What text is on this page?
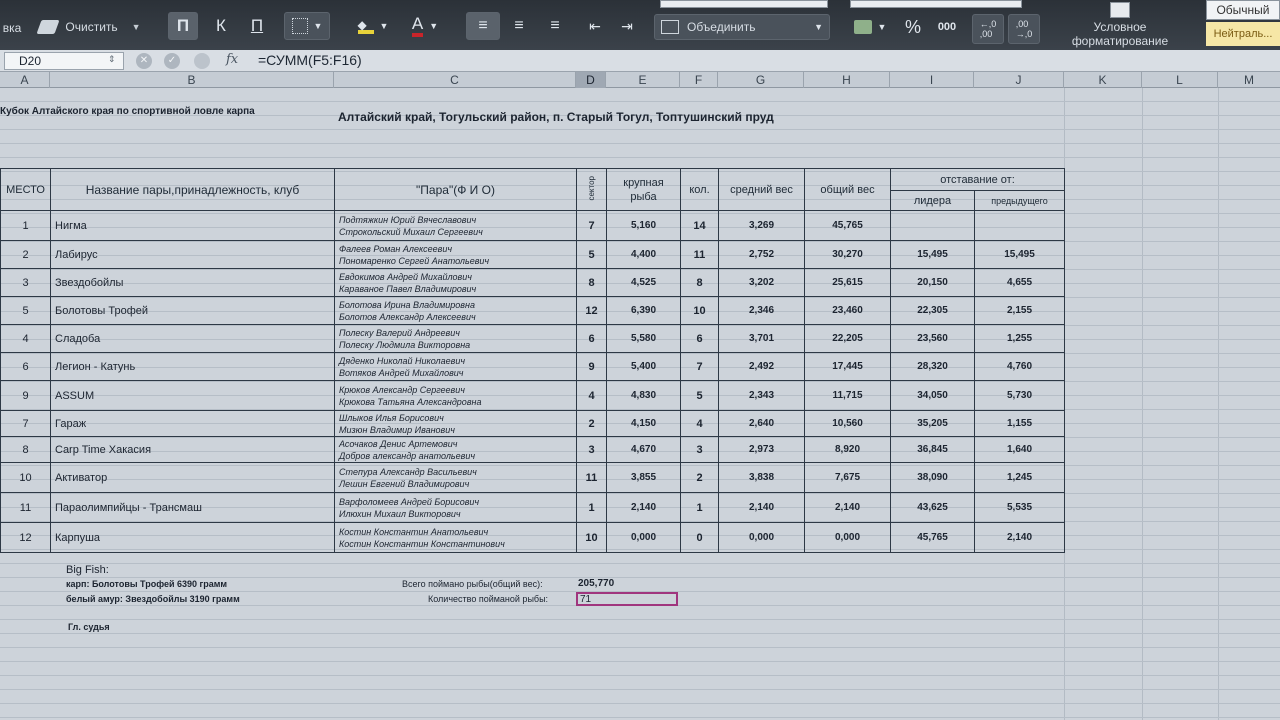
вка	Очистить ▼ П К П	▼	◆	▼ А ▼	≡ ≡ ≡ ⇤ ⇥	Объединить	▼	▼	%	000	←,0
,00
,00
→,0	Условное
форматирование
Обычный
Нейтраль...
D20	⇕	✕	✓	fx =СУММ(F5:F16)
A	B	C	D	E	F	G	H	I	J	K	L	M
Кубок Алтайского края по спортивной ловле карпа	Алтайский край, Тогульский район, п. Старый Тогул, Топтушинский пруд
МЕСТО	Название пары,принадлежность, клуб	"Пара"(Ф И О)	сектор	крупная рыба	кол.	средний вес	общий вес	отставание от:	
								лидера	предыдущего
1	Нигма	Подтяжкин Юрий Вячеславович
Строкольский Михаил Сергеевич	7	5,160	14	3,269	45,765		
2	Лабирус	Фалеев Роман Алексеевич
Пономаренко Сергей Анатольевич	5	4,400	11	2,752	30,270	15,495	15,495
3	Звездобойлы	Евдокимов Андрей Михайлович
Караваное Павел Владимирович	8	4,525	8	3,202	25,615	20,150	4,655
5	Болотовы Трофей	Болотова Ирина Владимировна
Болотов Александр Алексеевич	12	6,390	10	2,346	23,460	22,305	2,155
4	Сладоба	Полеску Валерий Андреевич
Полеску Людмила Викторовна	6	5,580	6	3,701	22,205	23,560	1,255
6	Легион - Катунь	Дяденко Николай Николаевич
Вотяков Андрей Михайлович	9	5,400	7	2,492	17,445	28,320	4,760
9	ASSUM	Крюков Александр Сергеевич
Крюкова Татьяна Александровна	4	4,830	5	2,343	11,715	34,050	5,730
7	Гараж	Шлыков Илья Борисович
Мизюн Владимир Иванович	2	4,150	4	2,640	10,560	35,205	1,155
8	Carp Time Хакасия	Асочаков Денис Артемович
Добров александр анатольевич	3	4,670	3	2,973	8,920	36,845	1,640
10	Активатор	Степура Александр Васильевич
Лешин Евгений Владимирович	11	3,855	2	3,838	7,675	38,090	1,245
11	Параолимпийцы - Трансмаш	Варфоломеев Андрей Борисович
Илюхин Михаил Викторович	1	2,140	1	2,140	2,140	43,625	5,535
12	Карпуша	Костин Константин Анатольевич
Костин Константин Константинович	10	0,000	0	0,000	0,000	45,765	2,140
Big Fish:
карп: Болотовы Трофей 6390 грамм
белый амур: Звездобойлы 3190 грамм
Гл. судья
Всего поймано рыбы(общий вес):	205,770
Количество пойманой рыбы:	71
